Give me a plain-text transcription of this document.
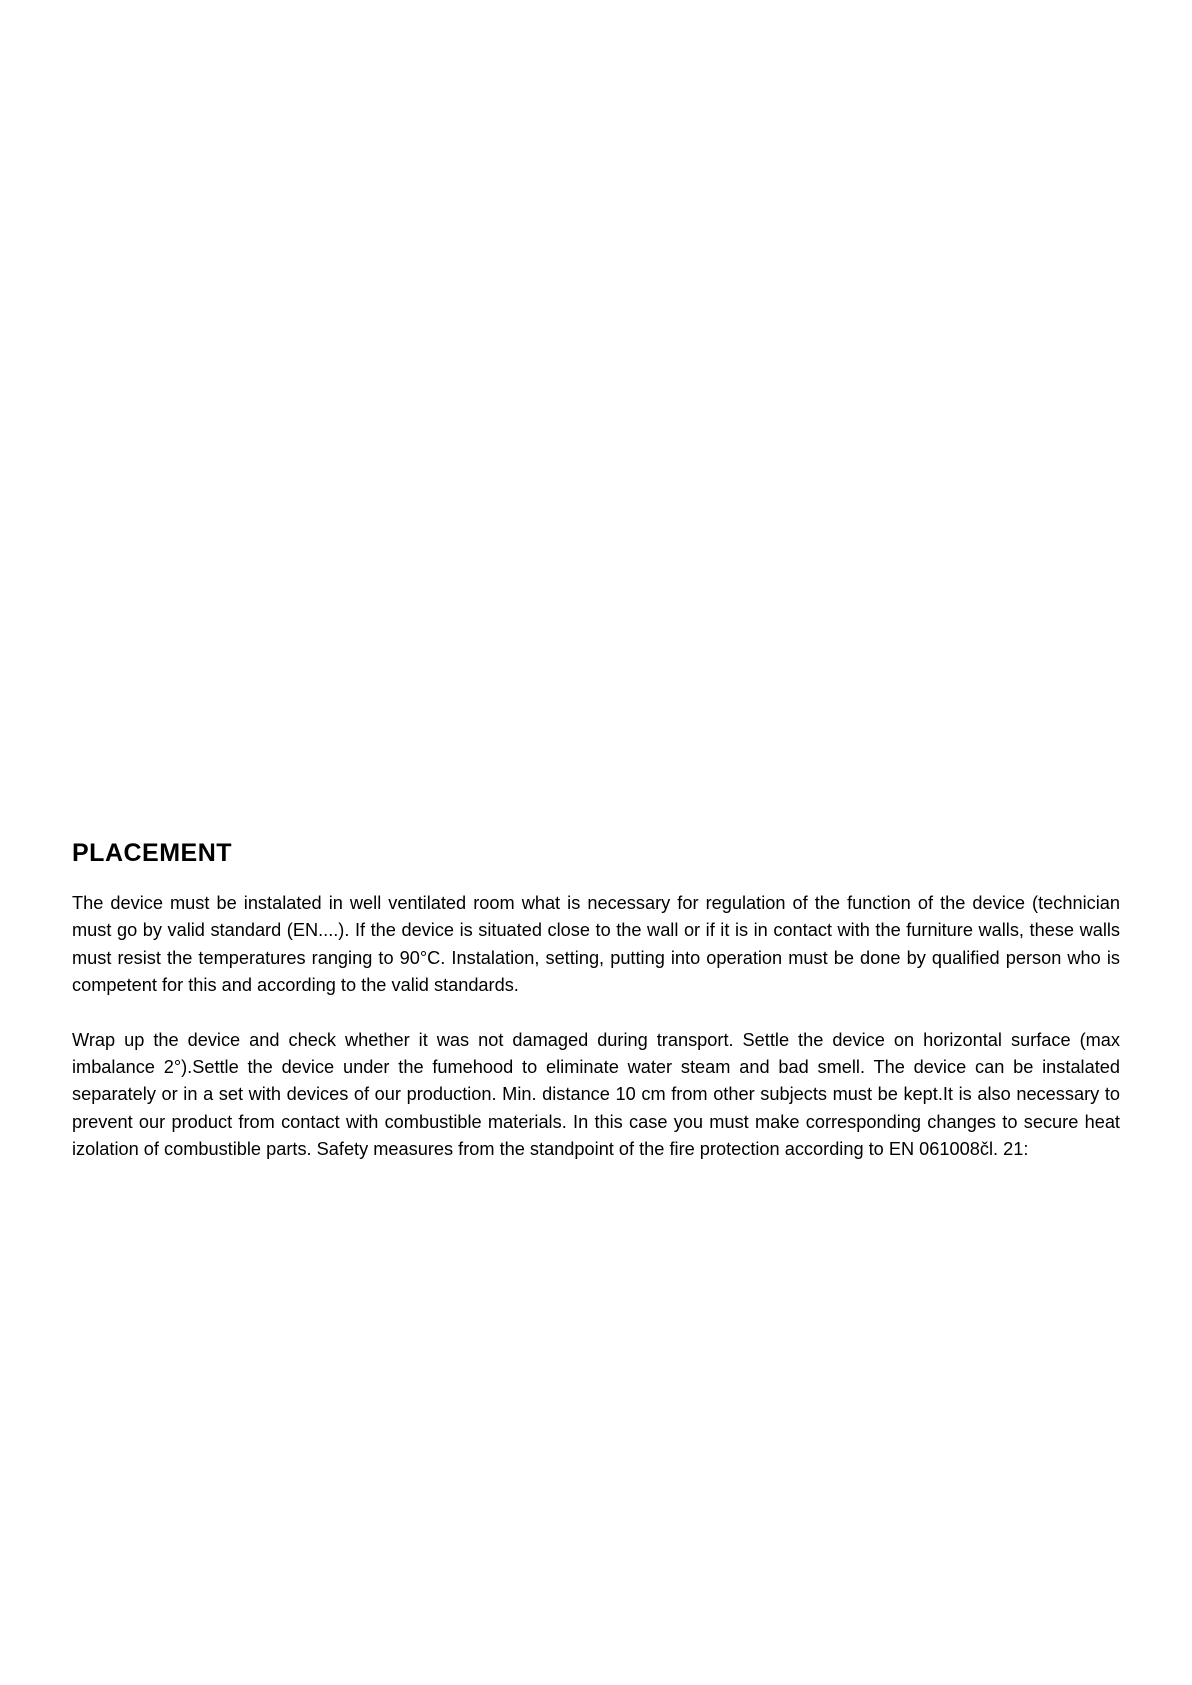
PLACEMENT

The device must be instalated in well ventilated room what is necessary for regulation of the function of the device (technician must go by valid standard (EN....). If the device is situated close to the wall or if it is in contact with the furniture walls, these walls must resist the temperatures ranging to 90°C. Instalation, setting, putting into operation must be done by qualified person who is competent for this and according to the valid standards.

Wrap up the device and check whether it was not damaged during transport. Settle the device on horizontal surface (max imbalance 2°).Settle the device under the fumehood to eliminate water steam and bad smell. The device can be instalated separately or in a set with devices of our production. Min. distance 10 cm from other subjects must be kept.It is also necessary to prevent our product from contact with combustible materials. In this case you must make corresponding changes to secure heat izolation of combustible parts. Safety measures from the standpoint of the fire protection according to EN 061008čl. 21:
